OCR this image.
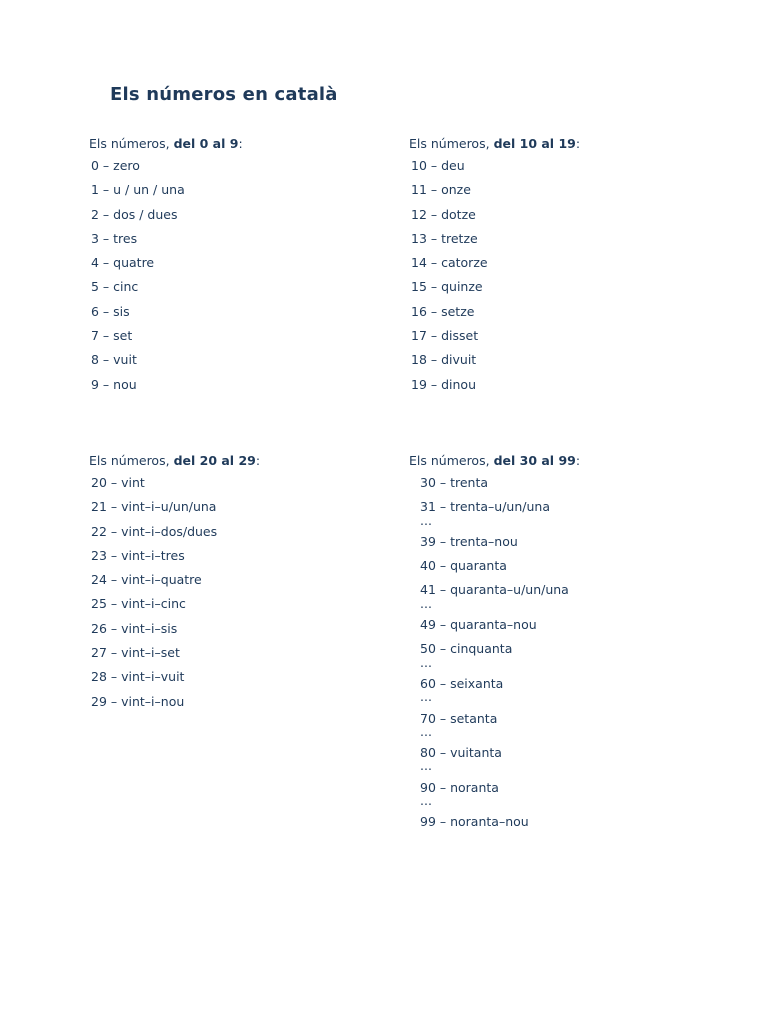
Els números en català

Els números, del 0 al 9:

0 – zero
1 – u / un / una
2 – dos / dues
3 – tres
4 – quatre
5 – cinc
6 – sis
7 – set
8 – vuit
9 – nou

Els números, del 10 al 19:

10 – deu
11 – onze
12 – dotze
13 – tretze
14 – catorze
15 – quinze
16 – setze
17 – disset
18 – divuit
19 – dinou

Els números, del 20 al 29:

20 – vint
21 – vint–i–u/un/una
22 – vint–i–dos/dues
23 – vint–i–tres
24 – vint–i–quatre
25 – vint–i–cinc
26 – vint–i–sis
27 – vint–i–set
28 – vint–i–vuit
29 – vint–i–nou

Els números, del 30 al 99:

30 – trenta
31 – trenta–u/un/una
...
39 – trenta–nou
40 – quaranta
41 – quaranta–u/un/una
...
49 – quaranta–nou
50 – cinquanta
...
60 – seixanta
...
70 – setanta
...
80 – vuitanta
...
90 – noranta
...
99 – noranta–nou
